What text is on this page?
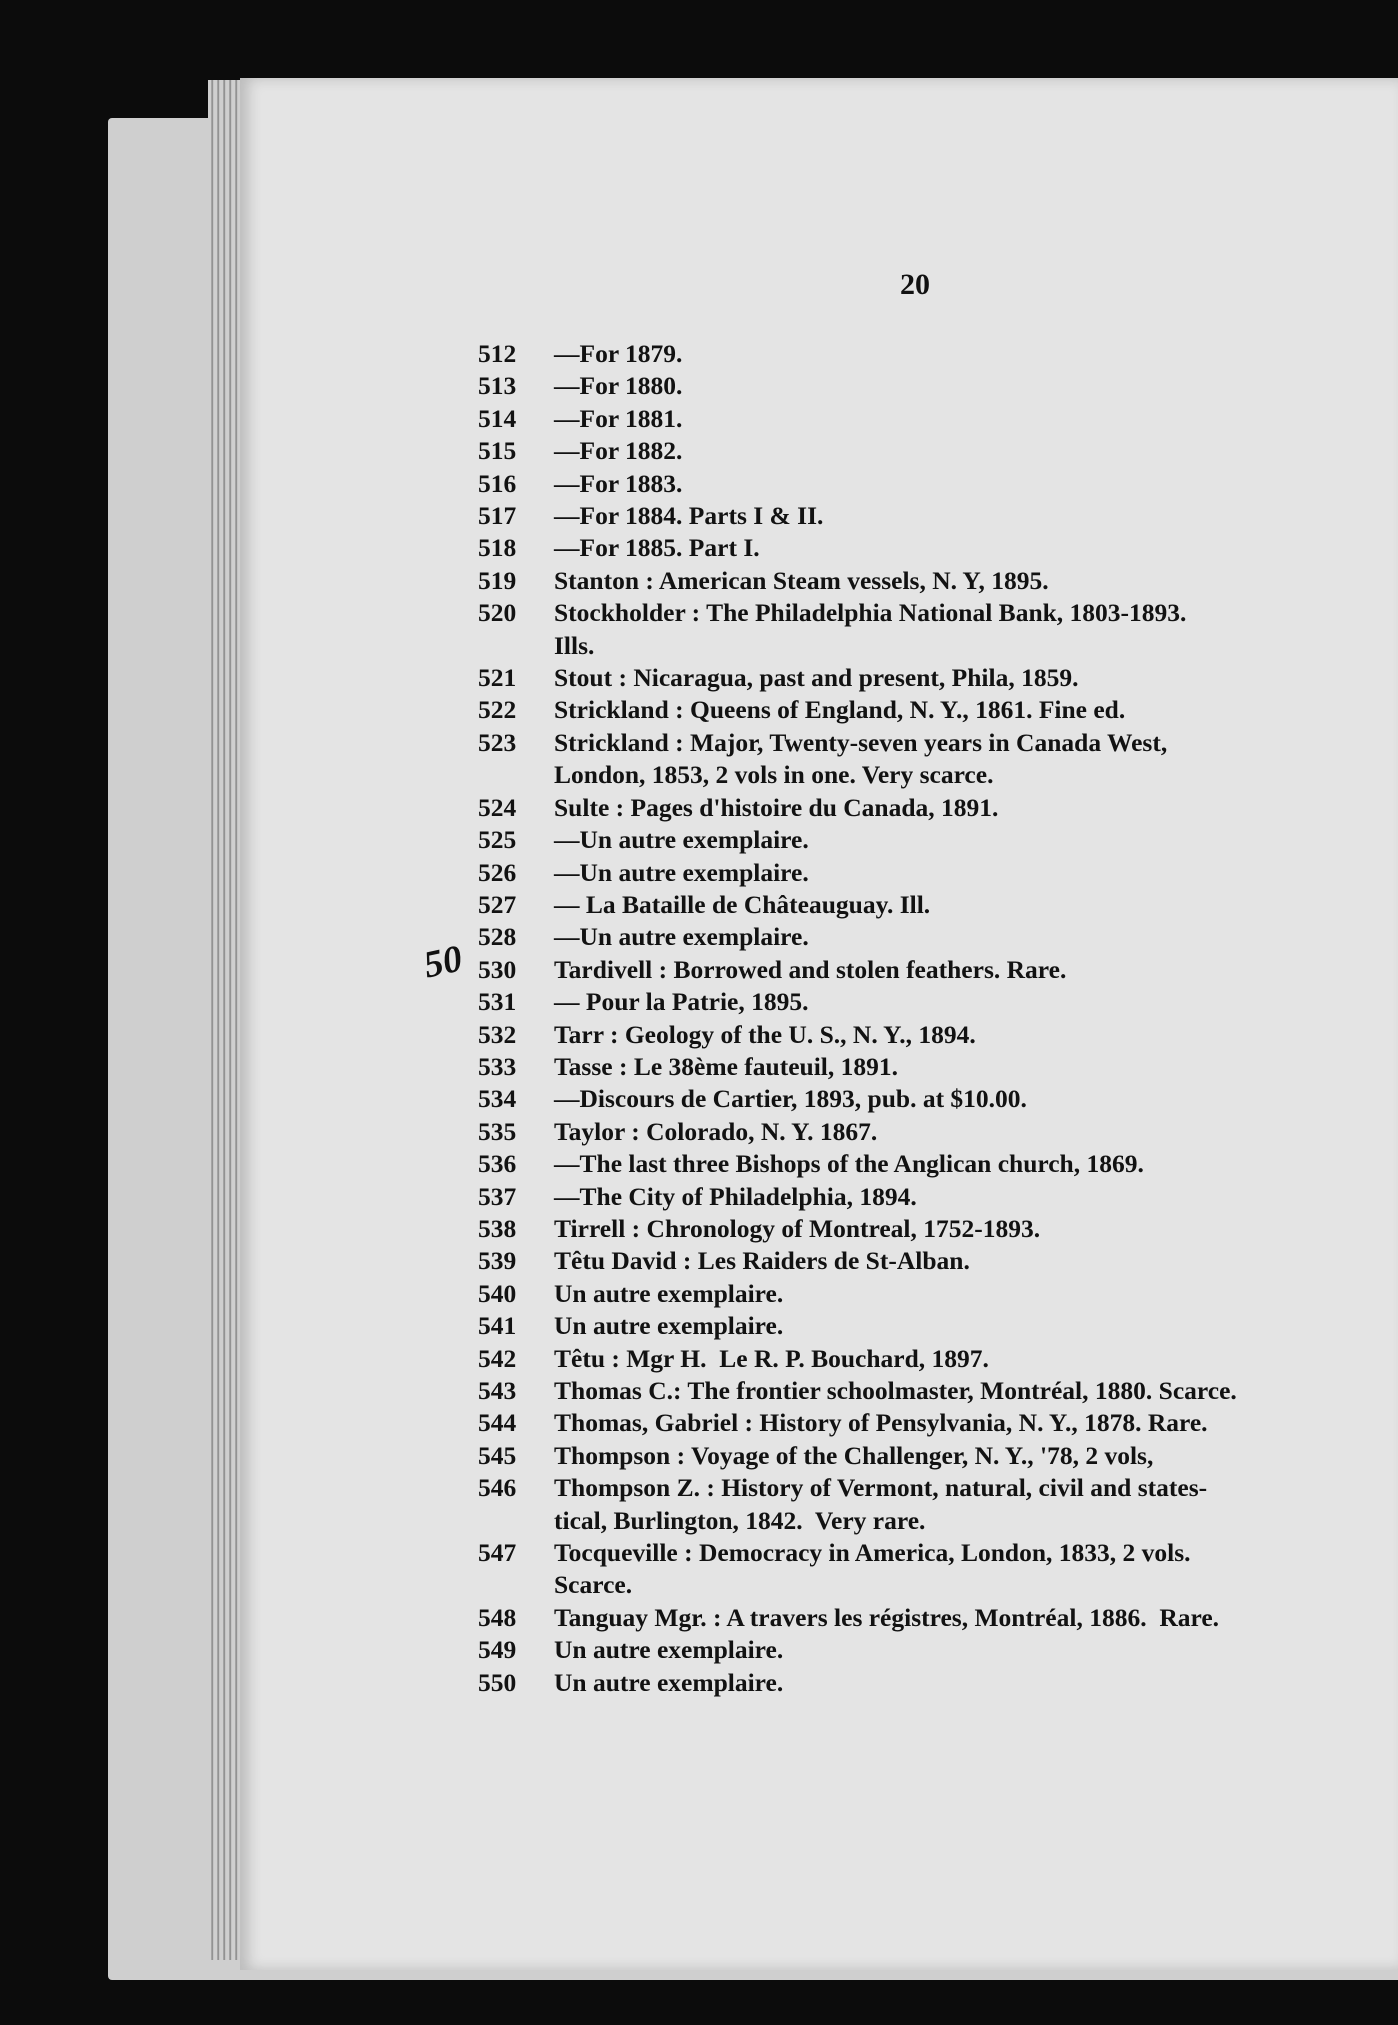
20
50
512	—For 1879.
513	—For 1880.
514	—For 1881.
515	—For 1882.
516	—For 1883.
517	—For 1884. Parts I & II.
518	—For 1885. Part I.
519	Stanton : American Steam vessels, N. Y, 1895.
520	Stockholder : The Philadelphia National Bank, 1803-1893.
Ills.
521	Stout : Nicaragua, past and present, Phila, 1859.
522	Strickland : Queens of England, N. Y., 1861. Fine ed.
523	Strickland : Major, Twenty-seven years in Canada West,
London, 1853, 2 vols in one. Very scarce.
524	Sulte : Pages d'histoire du Canada, 1891.
525	—Un autre exemplaire.
526	—Un autre exemplaire.
527	— La Bataille de Châteauguay. Ill.
528	—Un autre exemplaire.
530	Tardivell : Borrowed and stolen feathers. Rare.
531	— Pour la Patrie, 1895.
532	Tarr : Geology of the U. S., N. Y., 1894.
533	Tasse : Le 38ème fauteuil, 1891.
534	—Discours de Cartier, 1893, pub. at $10.00.
535	Taylor : Colorado, N. Y. 1867.
536	—The last three Bishops of the Anglican church, 1869.
537	—The City of Philadelphia, 1894.
538	Tirrell : Chronology of Montreal, 1752-1893.
539	Têtu David : Les Raiders de St-Alban.
540	Un autre exemplaire.
541	Un autre exemplaire.
542	Têtu : Mgr H.  Le R. P. Bouchard, 1897.
543	Thomas C.: The frontier schoolmaster, Montréal, 1880. Scarce.
544	Thomas, Gabriel : History of Pensylvania, N. Y., 1878. Rare.
545	Thompson : Voyage of the Challenger, N. Y., '78, 2 vols,
546	Thompson Z. : History of Vermont, natural, civil and states-
tical, Burlington, 1842.  Very rare.
547	Tocqueville : Democracy in America, London, 1833, 2 vols.
Scarce.
548	Tanguay Mgr. : A travers les régistres, Montréal, 1886.  Rare.
549	Un autre exemplaire.
550	Un autre exemplaire.
